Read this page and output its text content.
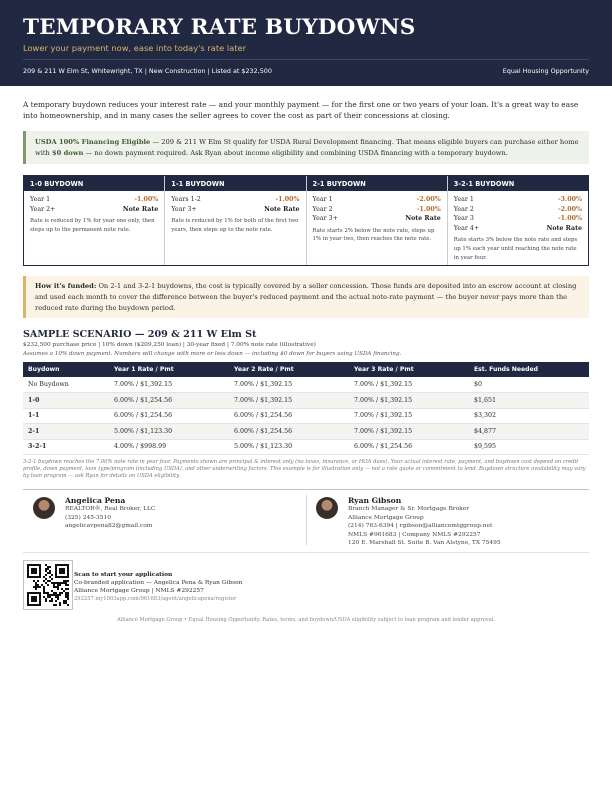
TEMPORARY RATE BUYDOWNS
Lower your payment now, ease into today's rate later
209 & 211 W Elm St, Whitewright, TX | New Construction | Listed at $232,500	Equal Housing Opportunity

A temporary buydown reduces your interest rate — and your monthly payment — for the first one or two years of your loan. It's a great way to ease into homeownership, and in many cases the seller agrees to cover the cost as part of their concessions at closing.

USDA 100% Financing Eligible — 209 & 211 W Elm St qualify for USDA Rural Development financing. That means eligible buyers can purchase either home with $0 down — no down payment required. Ask Ryan about income eligibility and combining USDA financing with a temporary buydown.
1-0 BUYDOWN
Year 1	-1.00%
Year 2+	Note Rate
Rate is reduced by 1% for year one only, then steps up to the permanent note rate.
1-1 BUYDOWN
Years 1-2	-1.00%
Year 3+	Note Rate
Rate is reduced by 1% for both of the first two years, then steps up to the note rate.
2-1 BUYDOWN
Year 1	-2.00%
Year 2	-1.00%
Year 3+	Note Rate
Rate starts 2% below the note rate, steps up 1% in year two, then reaches the note rate.
3-2-1 BUYDOWN
Year 1	-3.00%
Year 2	-2.00%
Year 3	-1.00%
Year 4+	Note Rate
Rate starts 3% below the note rate and steps up 1% each year until reaching the note rate in year four.
How it's funded: On 2-1 and 3-2-1 buydowns, the cost is typically covered by a seller concession. Those funds are deposited into an escrow account at closing and used each month to cover the difference between the buyer's reduced payment and the actual note-rate payment — the buyer never pays more than the reduced rate during the buydown period.
SAMPLE SCENARIO — 209 & 211 W Elm St
$232,500 purchase price | 10% down ($209,250 loan) | 30-year fixed | 7.00% note rate (illustrative)
Assumes a 10% down payment. Numbers will change with more or less down — including $0 down for buyers using USDA financing.
Buydown	Year 1 Rate / Pmt	Year 2 Rate / Pmt	Year 3 Rate / Pmt	Est. Funds Needed
No Buydown	7.00% / $1,392.15	7.00% / $1,392.15	7.00% / $1,392.15	$0
1-0	6.00% / $1,254.56	7.00% / $1,392.15	7.00% / $1,392.15	$1,651
1-1	6.00% / $1,254.56	6.00% / $1,254.56	7.00% / $1,392.15	$3,302
2-1	5.00% / $1,123.30	6.00% / $1,254.56	7.00% / $1,392.15	$4,877
3-2-1	4.00% / $998.99	5.00% / $1,123.30	6.00% / $1,254.56	$9,595

3-2-1 buydown reaches the 7.00% note rate in year four. Payments shown are principal & interest only (no taxes, insurance, or HOA dues). Your actual interest rate, payment, and buydown cost depend on credit profile, down payment, loan type/program (including USDA), and other underwriting factors. This example is for illustration only — not a rate quote or commitment to lend. Buydown structure availability may vary by loan program — ask Ryan for details on USDA eligibility.

Angelica Pena
REALTOR®, Real Broker, LLC
(325) 245-3510
angelicavpena82@gmail.com
Ryan Gibson
Branch Manager & Sr. Mortgage Broker
Alliance Mortgage Group
(214) 763-6394 | rgibson@alliancemtggroup.net
NMLS #961683 | Company NMLS #292257
120 E. Marshall St. Suite B. Van Alstyne, TX 75495
Scan to start your application
Co-branded application — Angelica Pena & Ryan Gibson
Alliance Mortgage Group | NMLS #292257
292257.my1003app.com/961683/agent/angelicapena/register
Alliance Mortgage Group • Equal Housing Opportunity. Rates, terms, and buydown/USDA eligibility subject to loan program and lender approval.
